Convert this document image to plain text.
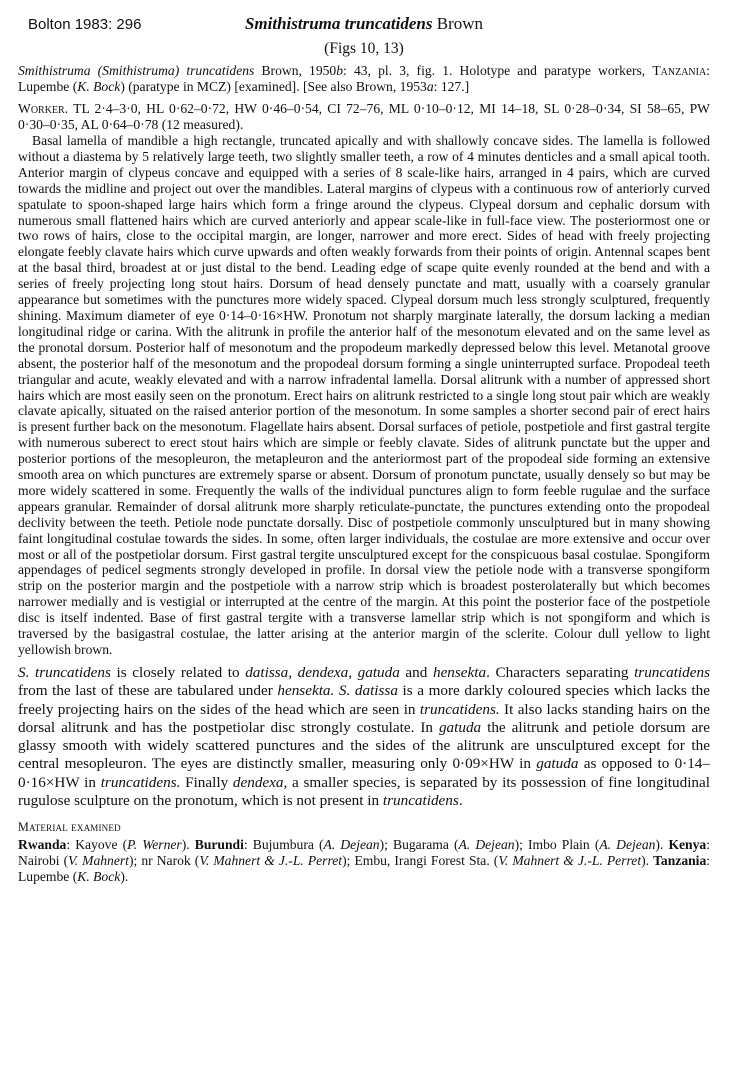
Bolton 1983: 296	Smithistruma truncatidens Brown
(Figs 10, 13)
Smithistruma (Smithistruma) truncatidens Brown, 1950b: 43, pl. 3, fig. 1. Holotype and paratype workers, Tanzania: Lupembe (K. Bock) (paratype in MCZ) [examined]. [See also Brown, 1953a: 127.]
Worker. TL 2·4–3·0, HL 0·62–0·72, HW 0·46–0·54, CI 72–76, ML 0·10–0·12, MI 14–18, SL 0·28–0·34, SI 58–65, PW 0·30–0·35, AL 0·64–0·78 (12 measured).

Basal lamella of mandible a high rectangle, truncated apically and with shallowly concave sides. The lamella is followed without a diastema by 5 relatively large teeth, two slightly smaller teeth, a row of 4 minutes denticles and a small apical tooth. Anterior margin of clypeus concave and equipped with a series of 8 scale-like hairs, arranged in 4 pairs, which are curved towards the midline and project out over the mandibles. Lateral margins of clypeus with a continuous row of anteriorly curved spatulate to spoon-shaped large hairs which form a fringe around the clypeus. Clypeal dorsum and cephalic dorsum with numerous small flattened hairs which are curved anteriorly and appear scale-like in full-face view. The posteriormost one or two rows of hairs, close to the occipital margin, are longer, narrower and more erect. Sides of head with freely projecting elongate feebly clavate hairs which curve upwards and often weakly forwards from their points of origin. Antennal scapes bent at the basal third, broadest at or just distal to the bend. Leading edge of scape quite evenly rounded at the bend and with a series of freely projecting long stout hairs. Dorsum of head densely punctate and matt, usually with a coarsely granular appearance but sometimes with the punctures more widely spaced. Clypeal dorsum much less strongly sculptured, frequently shining. Maximum diameter of eye 0·14–0·16×HW. Pronotum not sharply marginate laterally, the dorsum lacking a median longitudinal ridge or carina. With the alitrunk in profile the anterior half of the mesonotum elevated and on the same level as the pronotal dorsum. Posterior half of mesonotum and the propodeum markedly depressed below this level. Metanotal groove absent, the posterior half of the mesonotum and the propodeal dorsum forming a single uninterrupted surface. Propodeal teeth triangular and acute, weakly elevated and with a narrow infradental lamella. Dorsal alitrunk with a number of appressed short hairs which are most easily seen on the pronotum. Erect hairs on alitrunk restricted to a single long stout pair which are weakly clavate apically, situated on the raised anterior portion of the mesonotum. In some samples a shorter second pair of erect hairs is present further back on the mesonotum. Flagellate hairs absent. Dorsal surfaces of petiole, postpetiole and first gastral tergite with numerous suberect to erect stout hairs which are simple or feebly clavate. Sides of alitrunk punctate but the upper and posterior portions of the mesopleuron, the metapleuron and the anteriormost part of the propodeal side forming an extensive smooth area on which punctures are extremely sparse or absent. Dorsum of pronotum punctate, usually densely so but may be more widely scattered in some. Frequently the walls of the individual punctures align to form feeble rugulae and the surface appears granular. Remainder of dorsal alitrunk more sharply reticulate-punctate, the punctures extending onto the propodeal declivity between the teeth. Petiole node punctate dorsally. Disc of postpetiole commonly unsculptured but in many showing faint longitudinal costulae towards the sides. In some, often larger individuals, the costulae are more extensive and occur over most or all of the postpetiolar dorsum. First gastral tergite unsculptured except for the conspicuous basal costulae. Spongiform appendages of pedicel segments strongly developed in profile. In dorsal view the petiole node with a transverse spongiform strip on the posterior margin and the postpetiole with a narrow strip which is broadest posterolaterally but which becomes narrower medially and is vestigial or interrupted at the centre of the margin. At this point the posterior face of the postpetiole disc is itself indented. Base of first gastral tergite with a transverse lamellar strip which is not spongiform and which is traversed by the basigastral costulae, the latter arising at the anterior margin of the sclerite. Colour dull yellow to light yellowish brown.

S. truncatidens is closely related to datissa, dendexa, gatuda and hensekta. Characters separating truncatidens from the last of these are tabulared under hensekta. S. datissa is a more darkly coloured species which lacks the freely projecting hairs on the sides of the head which are seen in truncatidens. It also lacks standing hairs on the dorsal alitrunk and has the postpetiolar disc strongly costulate. In gatuda the alitrunk and petiole dorsum are glassy smooth with widely scattered punctures and the sides of the alitrunk are unsculptured except for the central mesopleuron. The eyes are distinctly smaller, measuring only 0·09×HW in gatuda as opposed to 0·14–0·16×HW in truncatidens. Finally dendexa, a smaller species, is separated by its possession of fine longitudinal rugulose sculpture on the pronotum, which is not present in truncatidens.
Material examined
Rwanda: Kayove (P. Werner). Burundi: Bujumbura (A. Dejean); Bugarama (A. Dejean); Imbo Plain (A. Dejean). Kenya: Nairobi (V. Mahnert); nr Narok (V. Mahnert & J.-L. Perret); Embu, Irangi Forest Sta. (V. Mahnert & J.-L. Perret). Tanzania: Lupembe (K. Bock).
